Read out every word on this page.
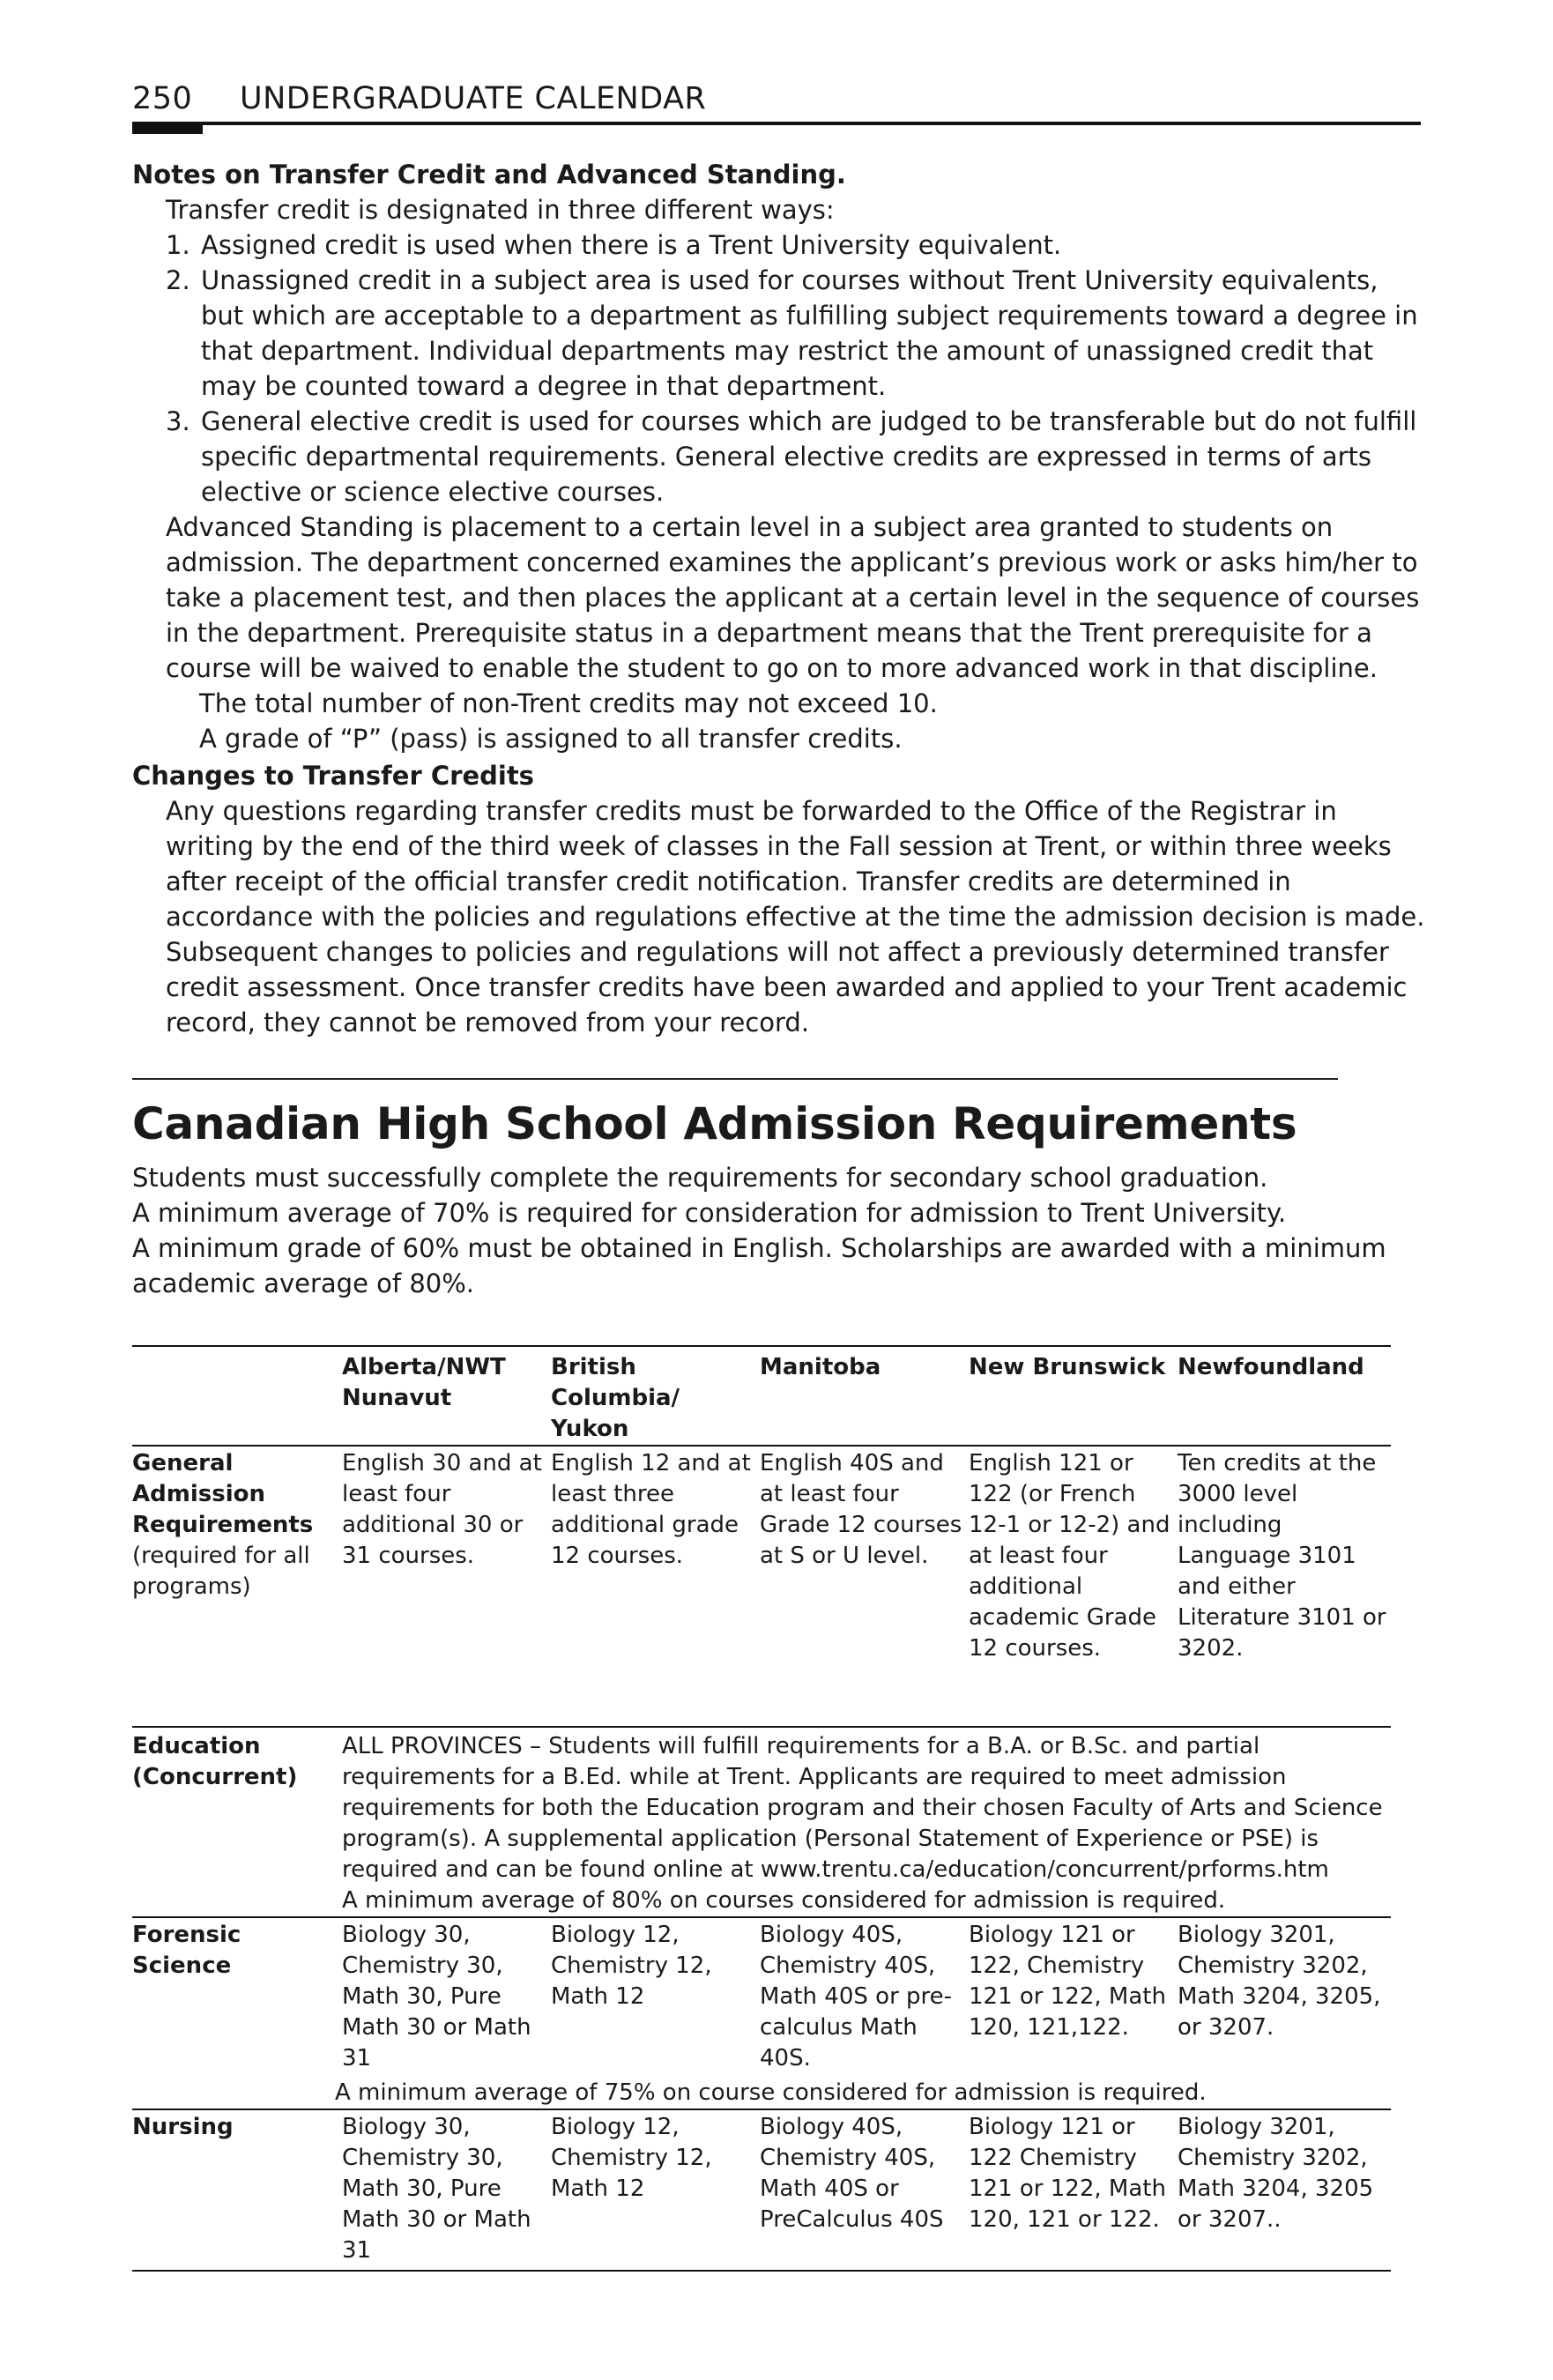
250 UNDERGRADUATE CALENDAR
Notes on Transfer Credit and Advanced Standing.
Transfer credit is designated in three different ways:
1. Assigned credit is used when there is a Trent University equivalent.
2. Unassigned credit in a subject area is used for courses without Trent University equivalents, but which are acceptable to a department as fulfilling subject requirements toward a degree in that department. Individual departments may restrict the amount of unassigned credit that may be counted toward a degree in that department.
3. General elective credit is used for courses which are judged to be transferable but do not fulfill specific departmental requirements. General elective credits are expressed in terms of arts elective or science elective courses.
Advanced Standing is placement to a certain level in a subject area granted to students on admission. The department concerned examines the applicant’s previous work or asks him/her to take a placement test, and then places the applicant at a certain level in the sequence of courses in the department. Prerequisite status in a department means that the Trent prerequisite for a course will be waived to enable the student to go on to more advanced work in that discipline.
The total number of non-Trent credits may not exceed 10.
A grade of “P” (pass) is assigned to all transfer credits.
Changes to Transfer Credits
Any questions regarding transfer credits must be forwarded to the Office of the Registrar in writing by the end of the third week of classes in the Fall session at Trent, or within three weeks after receipt of the official transfer credit notification. Transfer credits are determined in accordance with the policies and regulations effective at the time the admission decision is made. Subsequent changes to policies and regulations will not affect a previously determined transfer credit assessment. Once transfer credits have been awarded and applied to your Trent academic record, they cannot be removed from your record.
Canadian High School Admission Requirements
Students must successfully complete the requirements for secondary school graduation.
A minimum average of 70% is required for consideration for admission to Trent University.
A minimum grade of 60% must be obtained in English. Scholarships are awarded with a minimum academic average of 80%.
Alberta/NWT Nunavut
British Columbia/ Yukon
Manitoba	New Brunswick Newfoundland
General Admission Requirements
(required for all programs)
English 30 and at least four additional 30 or 31 courses.
English 12 and at least three additional grade 12 courses.
English 40S and at least four Grade 12 courses at S or U level.
English 121 or 122 (or French 12-1 or 12-2) and at least four additional academic Grade 12 courses.
Ten credits at the 3000 level including Language 3101 and either Literature 3101 or 3202.
Education (Concurrent)
ALL PROVINCES – Students will fulfill requirements for a B.A. or B.Sc. and partial requirements for a B.Ed. while at Trent. Applicants are required to meet admission requirements for both the Education program and their chosen Faculty of Arts and Science program(s). A supplemental application (Personal Statement of Experience or PSE) is required and can be found online at www.trentu.ca/education/concurrent/prforms.htm
A minimum average of 80% on courses considered for admission is required.
Forensic Science
Biology 30, Chemistry 30, Math 30, Pure Math 30 or Math 31
Biology 12, Chemistry 12, Math 12
Biology 40S, Chemistry 40S, Math 40S or pre-calculus Math 40S.
Biology 121 or 122, Chemistry 121 or 122, Math 120, 121,122.
Biology 3201, Chemistry 3202, Math 3204, 3205, or 3207.
A minimum average of 75% on course considered for admission is required.
Nursing	Biology 30, Chemistry 30, Math 30, Pure Math 30 or Math 31
Biology 12, Chemistry 12, Math 12
Biology 40S, Chemistry 40S, Math 40S or PreCalculus 40S
Biology 121 or 122 Chemistry 121 or 122, Math 120, 121 or 122.
Biology 3201, Chemistry 3202, Math 3204, 3205 or 3207..
